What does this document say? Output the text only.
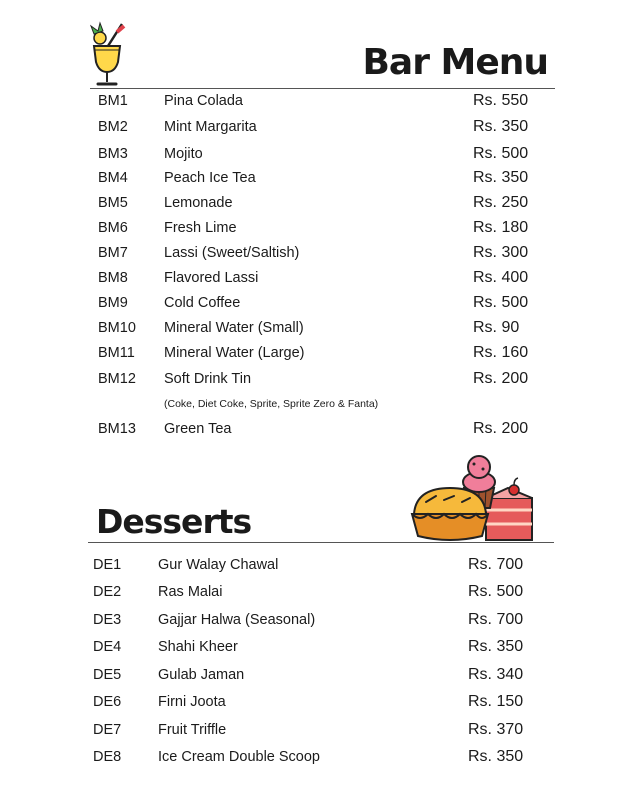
Bar Menu
BM1 Pina Colada	Rs. 550
BM2 Mint Margarita	Rs. 350
BM3 Mojito	Rs. 500
BM4 Peach Ice Tea	Rs. 350
BM5 Lemonade	Rs. 250
BM6 Fresh Lime	Rs. 180
BM7 Lassi (Sweet/Saltish)	Rs. 300
BM8 Flavored Lassi	Rs. 400
BM9 Cold Coffee	Rs. 500
BM10 Mineral Water (Small)	Rs. 90
BM11 Mineral Water (Large)	Rs. 160
BM12 Soft Drink Tin	Rs. 200
(Coke, Diet Coke, Sprite, Sprite Zero & Fanta)
BM13 Green Tea	Rs. 200
Desserts
DE1	Gur Walay Chawal	Rs. 700
DE2	Ras Malai	Rs. 500
DE3	Gajjar Halwa (Seasonal)	Rs. 700
DE4	Shahi Kheer	Rs. 350
DE5	Gulab Jaman	Rs. 340
DE6	Firni Joota	Rs. 150
DE7	Fruit Triffle	Rs. 370
DE8	Ice Cream Double Scoop	Rs. 350
